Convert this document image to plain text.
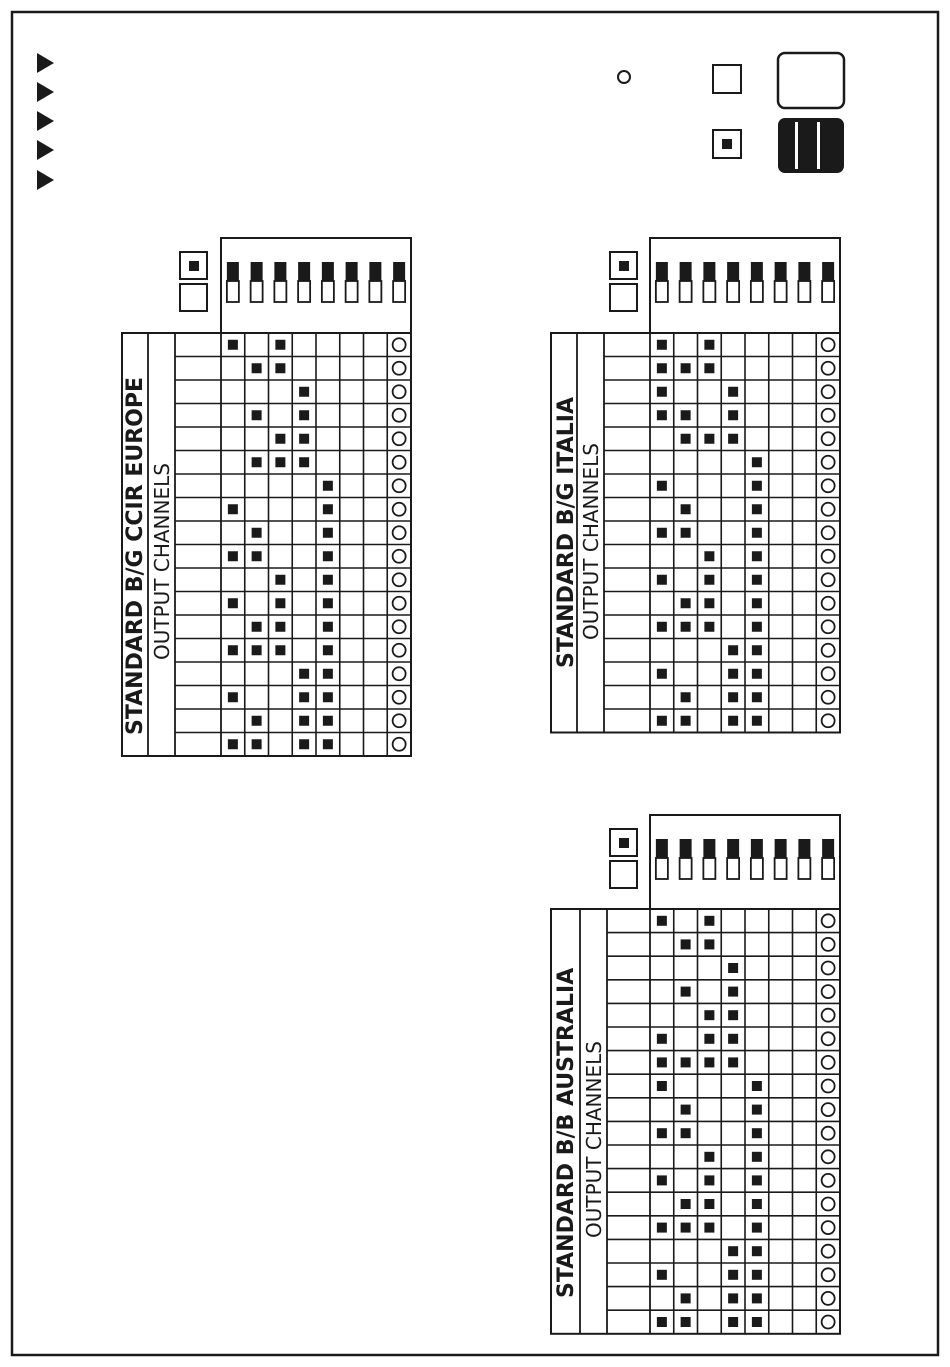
STANDARD B/G CCIR EUROPE OUTPUT CHANNELS	STANDARD B/G ITALIA OUTPUT CHANNELS
STANDARD B/B AUSTRALIA OUTPUT CHANNELS
